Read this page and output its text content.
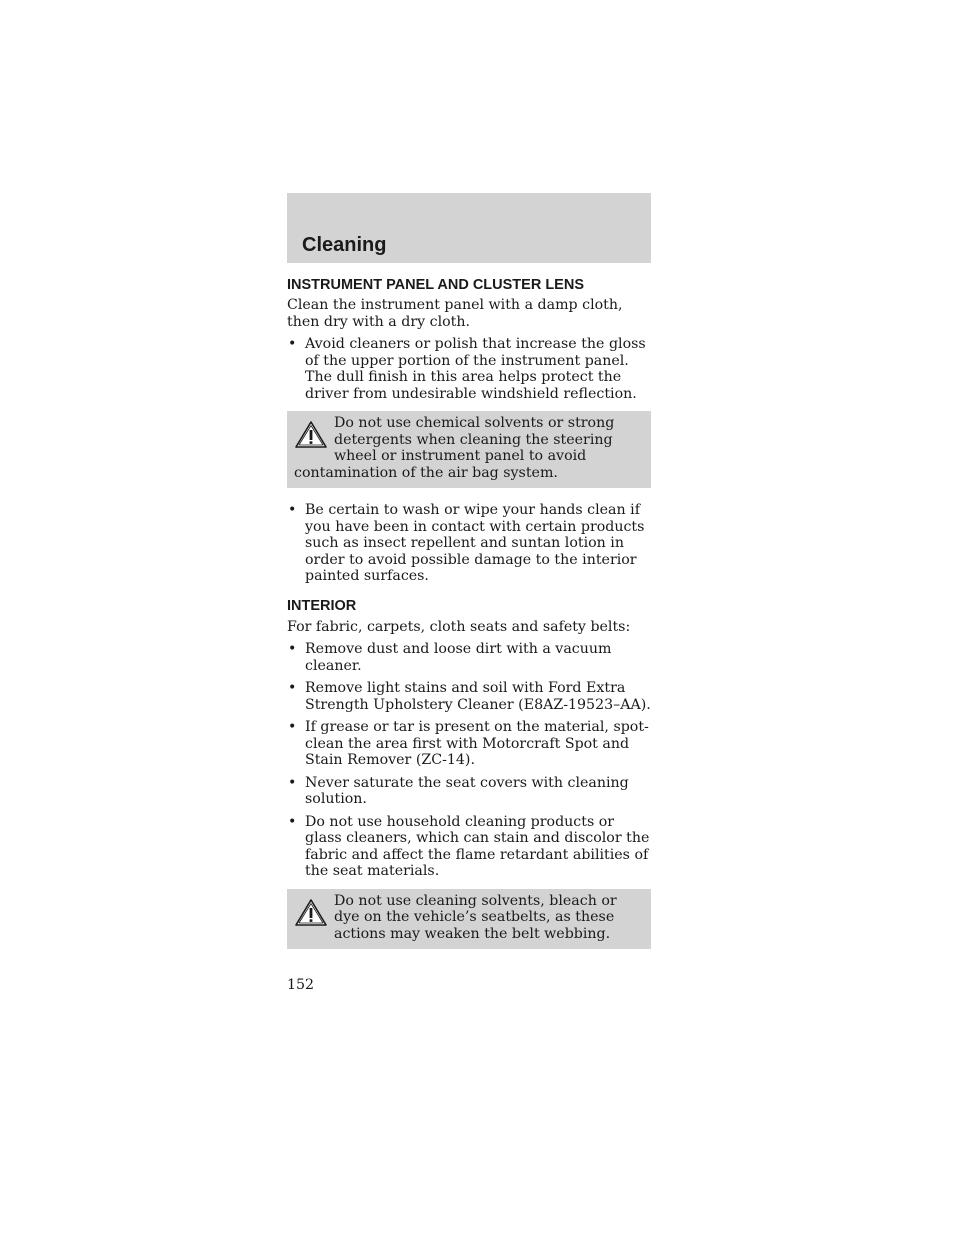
Cleaning
INSTRUMENT PANEL AND CLUSTER LENS

Clean the instrument panel with a damp cloth, then dry with a dry cloth.

• Avoid cleaners or polish that increase the gloss of the upper portion of the instrument panel. The dull finish in this area helps protect the driver from undesirable windshield reflection.
Do not use chemical solvents or strong detergents when cleaning the steering wheel or instrument panel to avoid contamination of the air bag system.
• Be certain to wash or wipe your hands clean if you have been in contact with certain products such as insect repellent and suntan lotion in order to avoid possible damage to the interior painted surfaces.
INTERIOR

For fabric, carpets, cloth seats and safety belts:

• Remove dust and loose dirt with a vacuum cleaner.
• Remove light stains and soil with Ford Extra Strength Upholstery Cleaner (E8AZ-19523–AA).
• If grease or tar is present on the material, spot-clean the area first with Motorcraft Spot and Stain Remover (ZC-14).
• Never saturate the seat covers with cleaning solution.
• Do not use household cleaning products or glass cleaners, which can stain and discolor the fabric and affect the flame retardant abilities of the seat materials.
Do not use cleaning solvents, bleach or dye on the vehicle’s seatbelts, as these actions may weaken the belt webbing.

152
